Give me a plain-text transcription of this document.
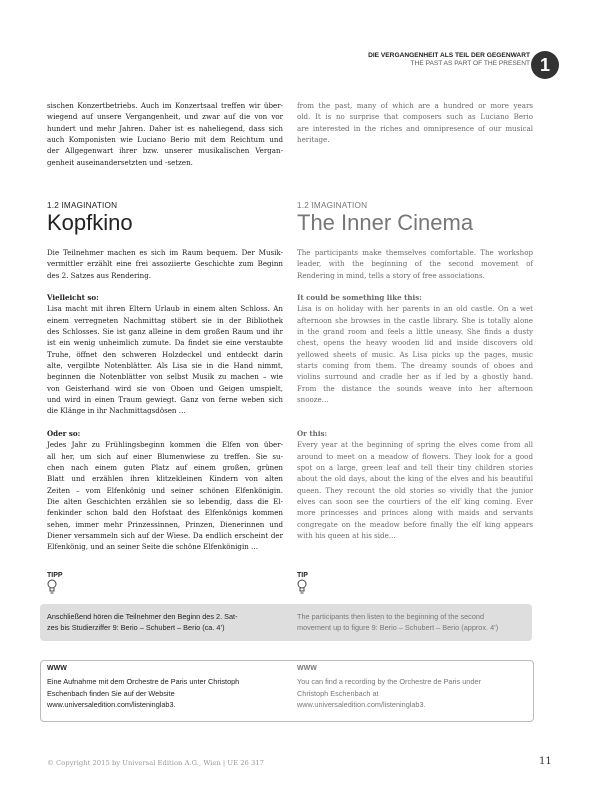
DIE VERGANGENHEIT ALS TEIL DER GEGENWART
THE PAST AS PART OF THE PRESENT 1
sischen Konzertbetriebs. Auch im Konzertsaal treffen wir über-
wiegend auf unsere Vergangenheit, und zwar auf die von vor
hundert und mehr Jahren. Daher ist es naheliegend, dass sich
auch Komponisten wie Luciano Berio mit dem Reichtum und
der Allgegenwart ihrer bzw. unserer musikalischen Vergan-
genheit auseinandersetzten und -setzen.
from the past, many of which are a hundred or more years
old. It is no surprise that composers such as Luciano Berio
are interested in the riches and omnipresence of our musical
heritage.
1.2 IMAGINATION
Kopfkino
Die Teilnehmer machen es sich im Raum bequem. Der Musik-
vermittler erzählt eine frei assoziierte Geschichte zum Beginn
des 2. Satzes aus Rendering.

Vielleicht so:

Lisa macht mit ihren Eltern Urlaub in einem alten Schloss. An
einem verregneten Nachmittag stöbert sie in der Bibliothek
des Schlosses. Sie ist ganz alleine in dem großen Raum und ihr
ist ein wenig unheimlich zumute. Da findet sie eine verstaubte
Truhe, öffnet den schweren Holzdeckel und entdeckt darin
alte, vergilbte Notenblätter. Als Lisa sie in die Hand nimmt,
beginnen die Notenblätter von selbst Musik zu machen – wie
von Geisterhand wird sie von Oboen und Geigen umspielt,
und wird in einen Traum gewiegt. Ganz von ferne weben sich
die Klänge in ihr Nachmittagsdösen …

Oder so:

Jedes Jahr zu Frühlingsbeginn kommen die Elfen von über-
all her, um sich auf einer Blumenwiese zu treffen. Sie su-
chen nach einem guten Platz auf einem großen, grünen
Blatt und erzählen ihren klitzekleinen Kindern von alten
Zeiten – vom Elfenkönig und seiner schönen Elfenkönigin.
Die alten Geschichten erzählen sie so lebendig, dass die El-
fenkinder schon bald den Hofstaat des Elfenkönigs kommen
sehen, immer mehr Prinzessinnen, Prinzen, Dienerinnen und
Diener versammeln sich auf der Wiese. Da endlich erscheint der
Elfenkönig, und an seiner Seite die schöne Elfenkönigin …
1.2 IMAGINATION
The Inner Cinema
The participants make themselves comfortable. The workshop
leader, with the beginning of the second movement of
Rendering in mind, tells a story of free associations.

It could be something like this:

Lisa is on holiday with her parents in an old castle. On a wet
afternoon she browses in the castle library. She is totally alone
in the grand room and feels a little uneasy. She finds a dusty
chest, opens the heavy wooden lid and inside discovers old
yellowed sheets of music. As Lisa picks up the pages, music
starts coming from them. The dreamy sounds of oboes and
violins surround and cradle her as if led by a ghostly hand.
From the distance the sounds weave into her afternoon
snooze…

Or this:

Every year at the beginning of spring the elves come from all
around to meet on a meadow of flowers. They look for a good
spot on a large, green leaf and tell their tiny children stories
about the old days, about the king of the elves and his beautiful
queen. They recount the old stories so vividly that the junior
elves can soon see the courtiers of the elf king coming. Ever
more princesses and princes along with maids and servants
congregate on the meadow before finally the elf king appears
with his queen at his side…
TIPP	TIP
Anschließend hören die Teilnehmer den Beginn des 2. Sat-
zes bis Studierziffer 9: Berio – Schubert – Berio (ca. 4’)
The participants then listen to the beginning of the second
movement up to figure 9: Berio – Schubert – Berio (approx. 4’)
WWW
Eine Aufnahme mit dem Orchestre de Paris unter Christoph
Eschenbach finden Sie auf der Website
www.universaledition.com/listeninglab3.
WWW
You can find a recording by the Orchestre de Paris under
Christoph Eschenbach at
www.universaledition.com/listeninglab3.
© Copyright 2015 by Universal Edition A.G., Wien | UE 26 317	11
